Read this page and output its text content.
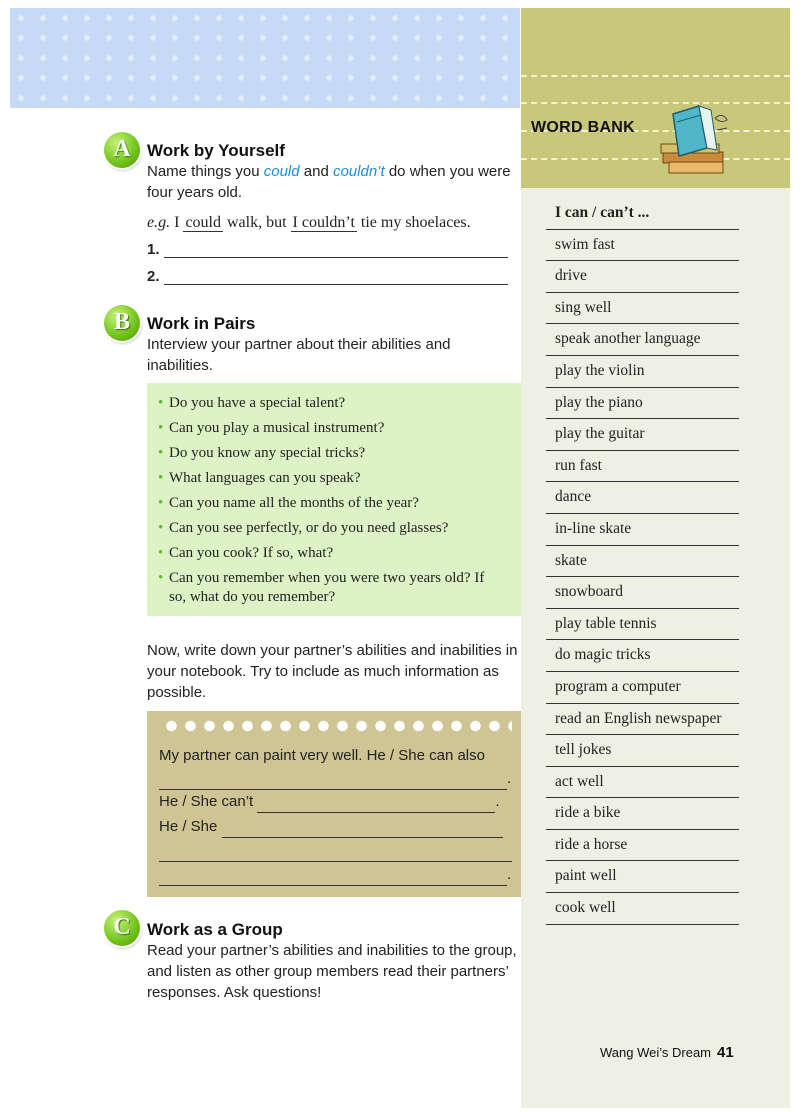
WORD BANK
I can / can’t ...
swim fast
drive
sing well
speak another language
play the violin
play the piano
play the guitar
run fast
dance
in-line skate
skate
snowboard
play table tennis
do magic tricks
program a computer
read an English newspaper
tell jokes
act well
ride a bike
ride a horse
paint well
cook well
A Work by Yourself
Name things you could and couldn’t do when you were four years old.
e.g. I could walk, but I couldn’t tie my shoelaces.
1.
2.
B	Work in Pairs
Interview your partner about their abilities and inabilities.
• Do you have a special talent?
• Can you play a musical instrument?
• Do you know any special tricks?
• What languages can you speak?
• Can you name all the months of the year?
• Can you see perfectly, or do you need glasses?
• Can you cook? If so, what?
• Can you remember when you were two years old? If so, what do you remember?
Now, write down your partner’s abilities and inabilities in your notebook. Try to include as much information as possible.
My partner can paint very well. He / She can also
.
He / She can’t	.
He / She
.
C Work as a Group
Read your partner’s abilities and inabilities to the group, and listen as other group members read their partners’ responses. Ask questions!
Wang Wei’s Dream 41
